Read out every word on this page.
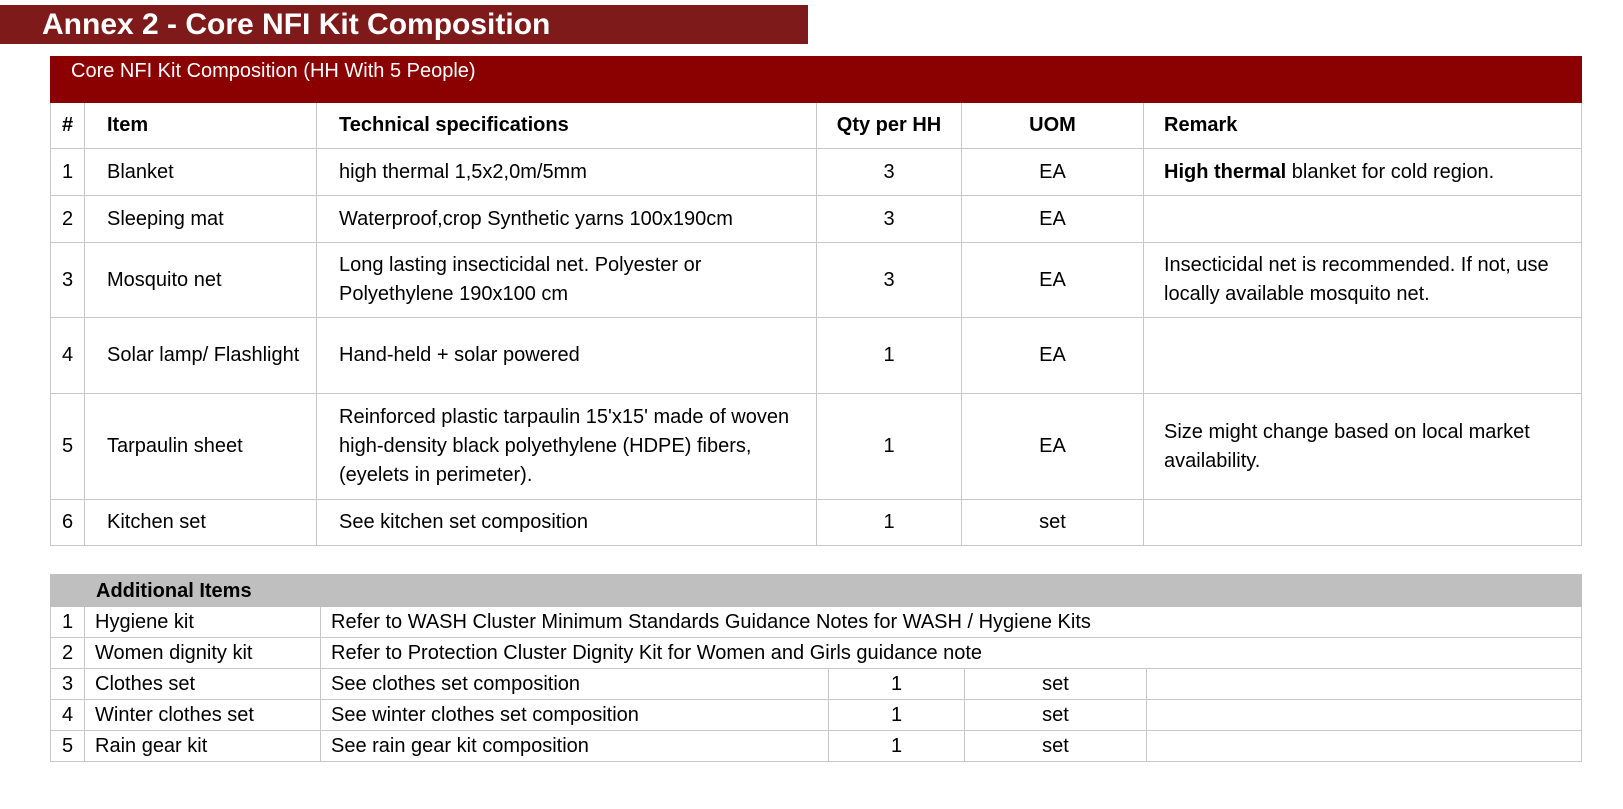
Annex 2 - Core NFI Kit Composition
Core NFI Kit Composition (HH With 5 People)					
#	Item	Technical specifications	Qty per HH	UOM	Remark
1	Blanket	high thermal 1,5x2,0m/5mm	3	EA	High thermal blanket for cold region.
2	Sleeping mat	Waterproof,crop Synthetic yarns 100x190cm	3	EA	
3	Mosquito net	Long lasting insecticidal net. Polyester or Polyethylene 190x100 cm	3	EA	Insecticidal net is recommended. If not, use locally available mosquito net.
4	Solar lamp/ Flashlight	Hand-held + solar powered	1	EA	
5	Tarpaulin sheet	Reinforced plastic tarpaulin 15'x15' made of woven high-density black polyethylene (HDPE) fibers, (eyelets in perimeter).	1	EA	Size might change based on local market availability.
6	Kitchen set	See kitchen set composition	1	set	
Additional Items					
1	Hygiene kit	Refer to WASH Cluster Minimum Standards Guidance Notes for WASH / Hygiene Kits			
2	Women dignity kit	Refer to Protection Cluster Dignity Kit for Women and Girls guidance note			
3	Clothes set	See clothes set composition	1	set	
4	Winter clothes set	See winter clothes set composition	1	set	
5	Rain gear kit	See rain gear kit composition	1	set	
